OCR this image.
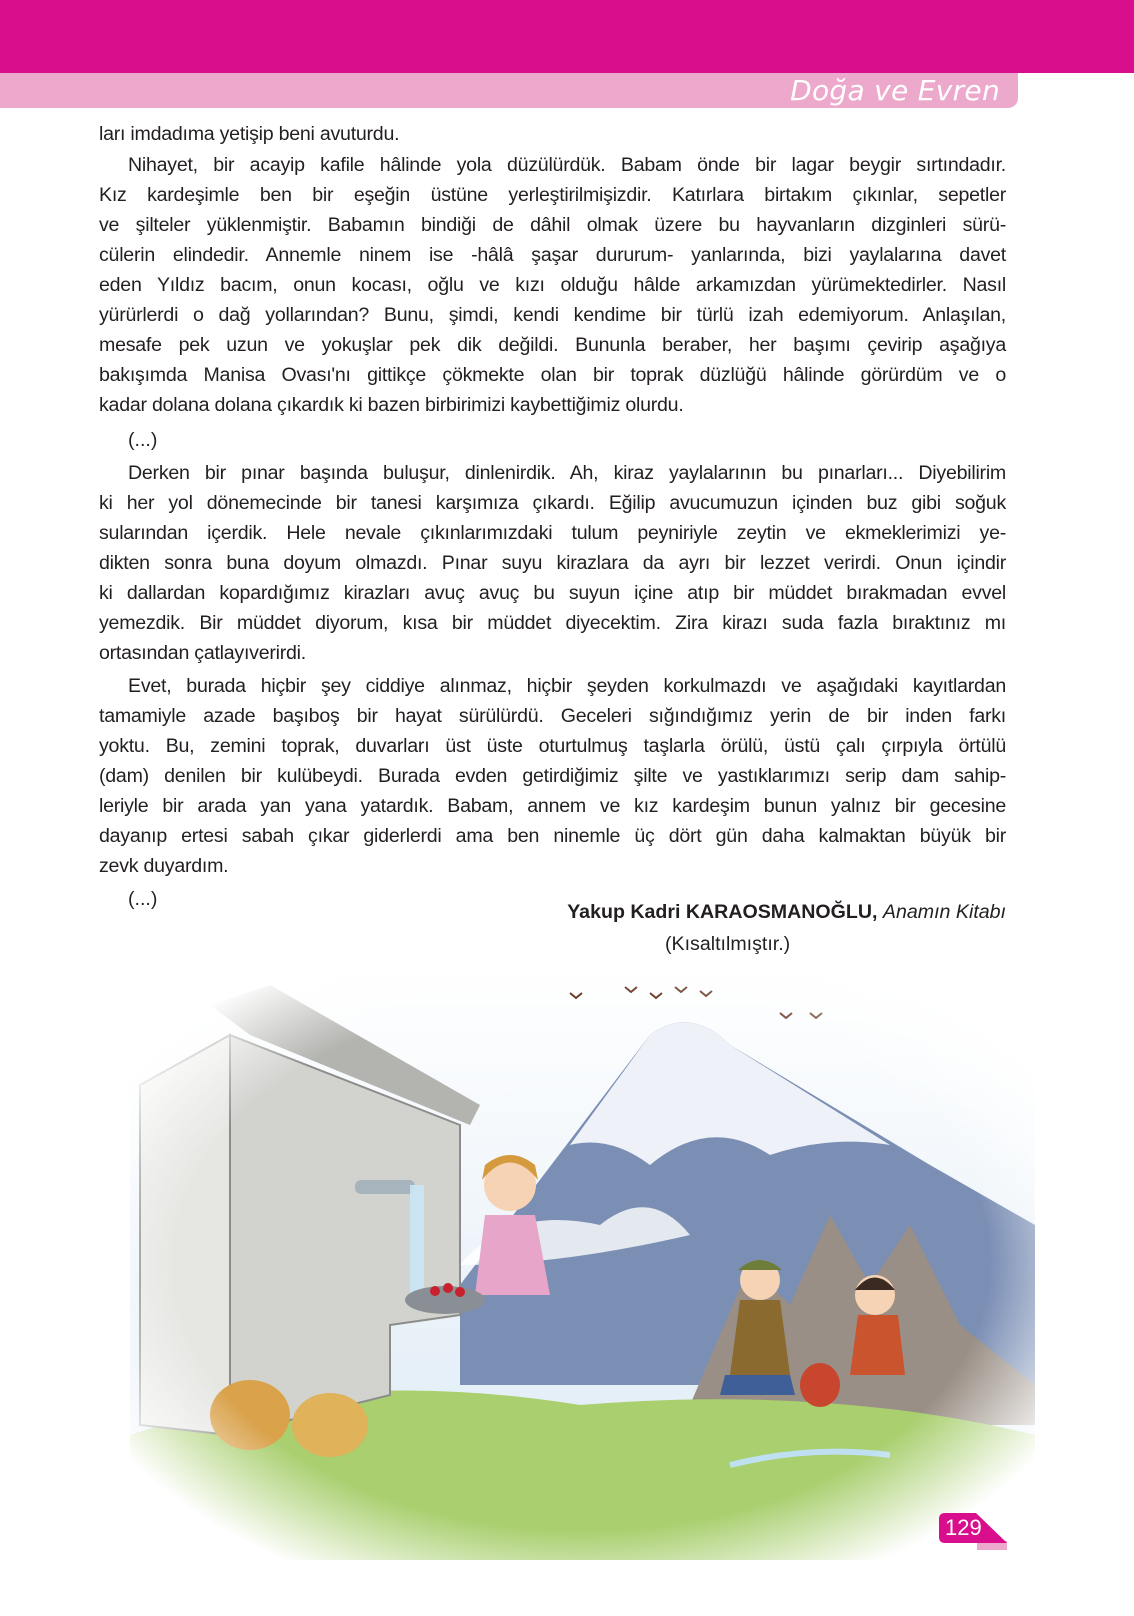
Doğa ve Evren
ları imdadıma yetişip beni avuturdu.
Nihayet, bir acayip kafile hâlinde yola düzülürdük. Babam önde bir lagar beygir sırtındadır.
Kız kardeşimle ben bir eşeğin üstüne yerleştirilmişizdir. Katırlara birtakım çıkınlar, sepetler
ve şilteler yüklenmiştir. Babamın bindiği de dâhil olmak üzere bu hayvanların dizginleri sürü-
cülerin elindedir. Annemle ninem ise -hâlâ şaşar dururum- yanlarında, bizi yaylalarına davet
eden Yıldız bacım, onun kocası, oğlu ve kızı olduğu hâlde arkamızdan yürümektedirler. Nasıl
yürürlerdi o dağ yollarından? Bunu, şimdi, kendi kendime bir türlü izah edemiyorum. Anlaşılan,
mesafe pek uzun ve yokuşlar pek dik değildi. Bununla beraber, her başımı çevirip aşağıya
bakışımda Manisa Ovası'nı gittikçe çökmekte olan bir toprak düzlüğü hâlinde görürdüm ve o
kadar dolana dolana çıkardık ki bazen birbirimizi kaybettiğimiz olurdu.
(...)
Derken bir pınar başında buluşur, dinlenirdik. Ah, kiraz yaylalarının bu pınarları... Diyebilirim
ki her yol dönemecinde bir tanesi karşımıza çıkardı. Eğilip avucumuzun içinden buz gibi soğuk
sularından içerdik. Hele nevale çıkınlarımızdaki tulum peyniriyle zeytin ve ekmeklerimizi ye-
dikten sonra buna doyum olmazdı. Pınar suyu kirazlara da ayrı bir lezzet verirdi. Onun içindir
ki dallardan kopardığımız kirazları avuç avuç bu suyun içine atıp bir müddet bırakmadan evvel
yemezdik. Bir müddet diyorum, kısa bir müddet diyecektim. Zira kirazı suda fazla bıraktınız mı
ortasından çatlayıverirdi.
Evet, burada hiçbir şey ciddiye alınmaz, hiçbir şeyden korkulmazdı ve aşağıdaki kayıtlardan
tamamiyle azade başıboş bir hayat sürülürdü. Geceleri sığındığımız yerin de bir inden farkı
yoktu. Bu, zemini toprak, duvarları üst üste oturtulmuş taşlarla örülü, üstü çalı çırpıyla örtülü
(dam) denilen bir kulübeydi. Burada evden getirdiğimiz şilte ve yastıklarımızı serip dam sahip-
leriyle bir arada yan yana yatardık. Babam, annem ve kız kardeşim bunun yalnız bir gecesine
dayanıp ertesi sabah çıkar giderlerdi ama ben ninemle üç dört gün daha kalmaktan büyük bir
zevk duyardım.
(...)
Yakup Kadri KARAOSMANOĞLU, Anamın Kitabı
(Kısaltılmıştır.)
129
